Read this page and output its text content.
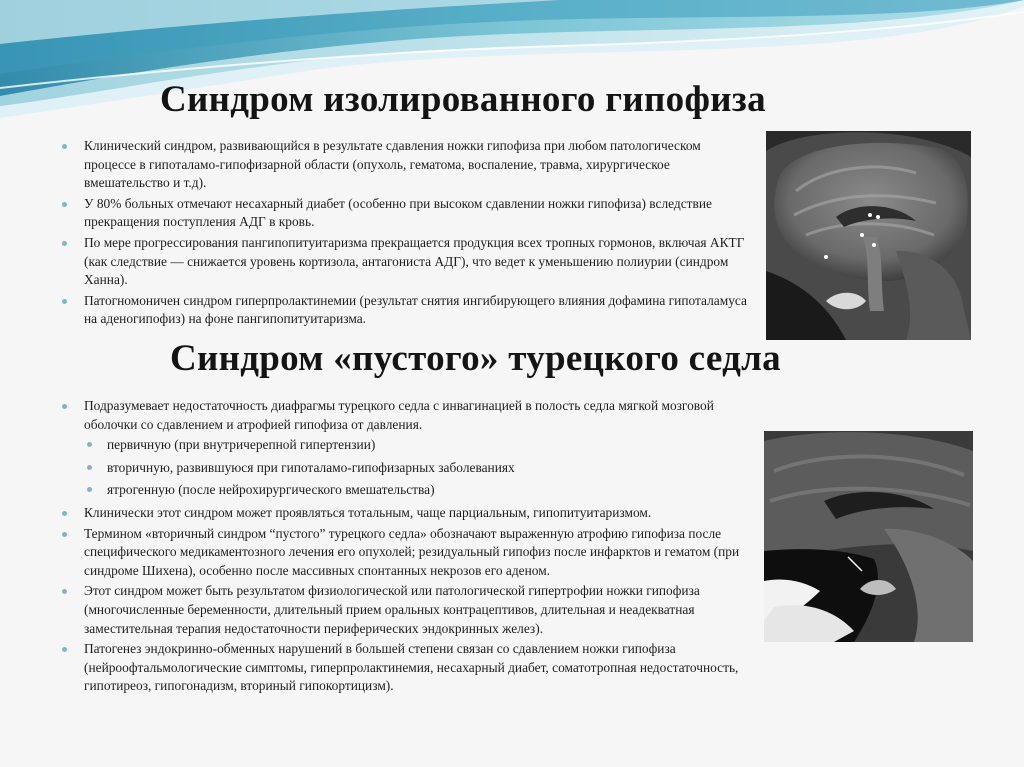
Синдром изолированного гипофиза
Клинический синдром, развивающийся в результате сдавления ножки гипофиза при любом патологическом процессе в гипоталамо-гипофизарной области (опухоль, гематома, воспаление, травма, хирургическое вмешательство и т.д).
У 80% больных отмечают несахарный диабет (особенно при высоком сдавлении ножки гипофиза) вследствие прекращения поступления АДГ в кровь.
По мере прогрессирования пангипопитуитаризма прекращается продукция всех тропных гормонов, включая АКТГ (как следствие — снижается уровень кортизола, антагониста АДГ), что ведет к уменьшению полиурии (синдром Ханна).
Патогномоничен синдром гиперпролактинемии (результат снятия ингибирующего влияния дофамина гипоталамуса на аденогипофиз) на фоне пангипопитуитаризма.
Синдром «пустого» турецкого седла
Подразумевает недостаточность диафрагмы турецкого седла с инвагинацией в полость седла мягкой мозговой оболочки со сдавлением и атрофией гипофиза от давления.
первичную (при внутричерепной гипертензии)
вторичную, развившуюся при гипоталамо-гипофизарных заболеваниях
ятрогенную (после нейрохирургического вмешательства)
Клинически этот синдром может проявляться тотальным, чаще парциальным, гипопитуитаризмом.
Термином «вторичный синдром “пустого” турецкого седла» обозначают выраженную атрофию гипофиза после специфического медикаментозного лечения его опухолей; резидуальный гипофиз после инфарктов и гематом (при синдроме Шихена), особенно после массивных спонтанных некрозов его аденом.
Этот синдром может быть результатом физиологической или патологической гипертрофии ножки гипофиза (многочисленные беременности, длительный прием оральных контрацептивов, длительная и неадекватная заместительная терапия недостаточности периферических эндокринных желез).
Патогенез эндокринно-обменных нарушений в большей степени связан со сдавлением ножки гипофиза (нейроофтальмологические симптомы, гиперпролактинемия, несахарный диабет, соматотропная недостаточность, гипотиреоз, гипогонадизм, вториный гипокортицизм).
